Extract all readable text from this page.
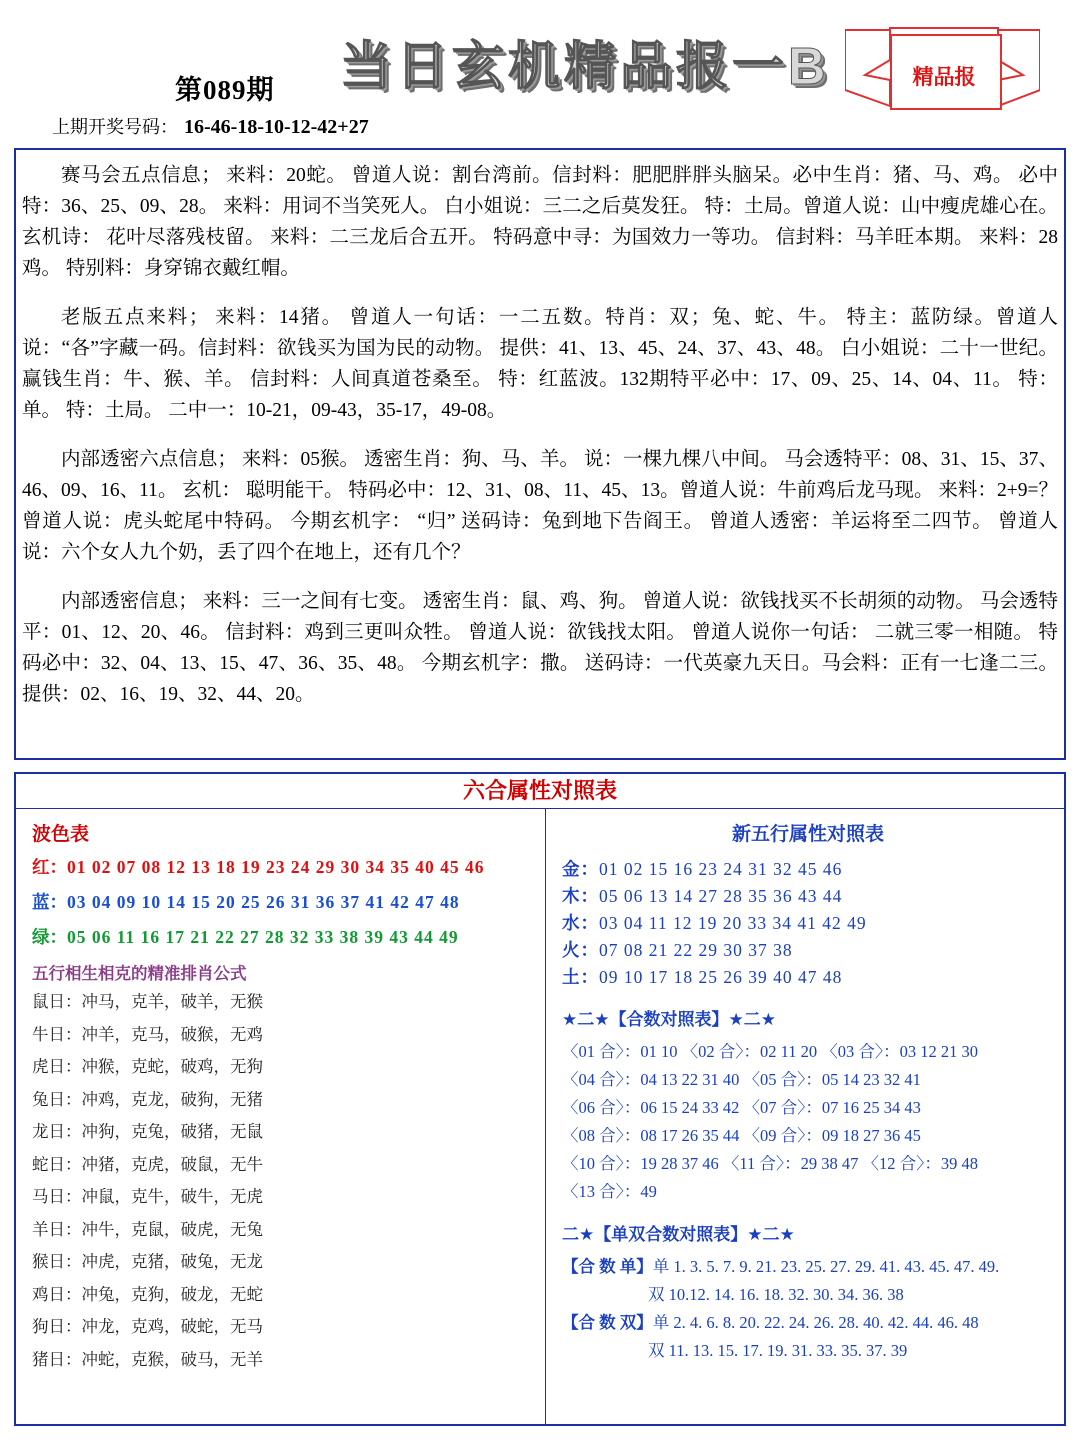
当日玄机精品报一B
第089期
上期开奖号码： 16-46-18-10-12-42+27
精品报

赛马会五点信息； 来料：20蛇。 曾道人说：割台湾前。信封料：肥肥胖胖头脑呆。必中生肖：猪、马、鸡。 必中特：36、25、09、28。 来料：用词不当笑死人。 白小姐说：三二之后莫发狂。 特：土局。曾道人说：山中瘦虎雄心在。 玄机诗： 花叶尽落残枝留。 来料：二三龙后合五开。 特码意中寻：为国效力一等功。 信封料：马羊旺本期。 来料：28鸡。 特别料：身穿锦衣戴红帽。

老版五点来料； 来料：14猪。 曾道人一句话：一二五数。特肖：双；兔、蛇、牛。 特主：蓝防绿。曾道人说：“各”字藏一码。信封料：欲钱买为国为民的动物。 提供：41、13、45、24、37、43、48。 白小姐说：二十一世纪。 赢钱生肖：牛、猴、羊。 信封料：人间真道苍桑至。 特：红蓝波。132期特平必中：17、09、25、14、04、11。 特：单。 特：土局。 二中一：10-21，09-43，35-17，49-08。

内部透密六点信息； 来料：05猴。 透密生肖：狗、马、羊。 说：一棵九棵八中间。 马会透特平：08、31、15、37、46、09、16、11。 玄机： 聪明能干。 特码必中：12、31、08、11、45、13。曾道人说：牛前鸡后龙马现。 来料：2+9=？ 曾道人说：虎头蛇尾中特码。 今期玄机字： “归” 送码诗：兔到地下告阎王。 曾道人透密：羊运将至二四节。 曾道人说：六个女人九个奶，丢了四个在地上，还有几个？

内部透密信息； 来料：三一之间有七变。 透密生肖：鼠、鸡、狗。 曾道人说：欲钱找买不长胡须的动物。 马会透特平：01、12、20、46。 信封料：鸡到三更叫众牲。 曾道人说：欲钱找太阳。 曾道人说你一句话： 二就三零一相随。 特码必中：32、04、13、15、47、36、35、48。 今期玄机字：撒。 送码诗：一代英豪九天日。马会料：正有一七逢二三。 提供：02、16、19、32、44、20。

六合属性对照表
波色表
红：01 02 07 08 12 13 18 19 23 24 29 30 34 35 40 45 46
蓝：03 04 09 10 14 15 20 25 26 31 36 37 41 42 47 48
绿：05 06 11 16 17 21 22 27 28 32 33 38 39 43 44 49
五行相生相克的精准排肖公式
鼠日：冲马，克羊，破羊，无猴
牛日：冲羊，克马，破猴，无鸡
虎日：冲猴，克蛇，破鸡，无狗
兔日：冲鸡，克龙，破狗，无猪
龙日：冲狗，克兔，破猪，无鼠
蛇日：冲猪，克虎，破鼠，无牛
马日：冲鼠，克牛，破牛，无虎
羊日：冲牛，克鼠，破虎，无兔
猴日：冲虎，克猪，破兔，无龙
鸡日：冲兔，克狗，破龙，无蛇
狗日：冲龙，克鸡，破蛇，无马
猪日：冲蛇，克猴，破马，无羊
新五行属性对照表
金：01 02 15 16 23 24 31 32 45 46
木：05 06 13 14 27 28 35 36 43 44
水：03 04 11 12 19 20 33 34 41 42 49
火：07 08 21 22 29 30 37 38
土：09 10 17 18 25 26 39 40 47 48
★二★【合数对照表】★二★
〈01 合〉：01 10 〈02 合〉：02 11 20 〈03 合〉：03 12 21 30
〈04 合〉：04 13 22 31 40 〈05 合〉：05 14 23 32 41
〈06 合〉：06 15 24 33 42 〈07 合〉：07 16 25 34 43
〈08 合〉：08 17 26 35 44 〈09 合〉：09 18 27 36 45
〈10 合〉：19 28 37 46 〈11 合〉：29 38 47 〈12 合〉：39 48
〈13 合〉：49
二★【单双合数对照表】★二★
【合 数 单】单 1. 3. 5. 7. 9. 21. 23. 25. 27. 29. 41. 43. 45. 47. 49.
双 10.12. 14. 16. 18. 32. 30. 34. 36. 38
【合 数 双】单 2. 4. 6. 8. 20. 22. 24. 26. 28. 40. 42. 44. 46. 48
双 11. 13. 15. 17. 19. 31. 33. 35. 37. 39
